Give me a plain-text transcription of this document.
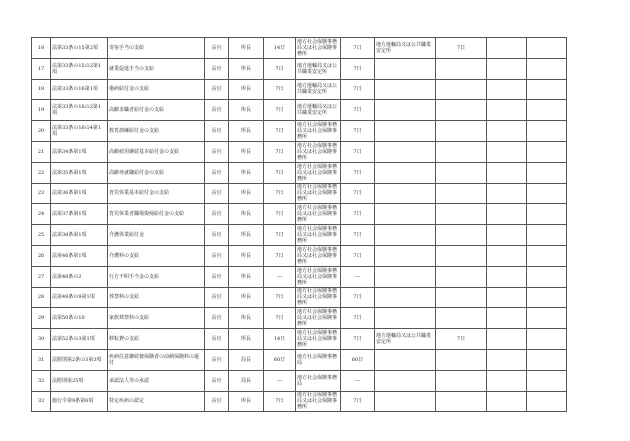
18	法第33条の15第2項	寄宿手当の支給	長官	所長	14日	地方社会保険事務局又は社会保険事務所	7日	地方運輸局又は公共職業安定所	7日		
17	法第33条の15の2第1項	就業促進手当の支給	長官	所長	7日	地方運輸局又は公共職業安定所	7日				
18	法第33条の16第1項	傷病給付金の支給	長官	所長	7日	地方運輸局又は公共職業安定所	7日				
19	法第33条の16の2第1項	高齢求職者給付金の支給	長官	所長	7日	地方運輸局又は公共職業安定所	7日				
20	法第33条の16の4第1項	教育訓練給付金の支給	長官	所長	7日	地方社会保険事務局又は社会保険事務所	7日				
21	法第34条第1項	高齢雇用継続基本給付金の支給	長官	所長	7日	地方社会保険事務局又は社会保険事務所	7日				
22	法第35条第1項	高齢再就職給付金の支給	長官	所長	7日	地方社会保険事務局又は社会保険事務所	7日				
23	法第36条第1項	育児休業基本給付金の支給	長官	所長	7日	地方社会保険事務局又は社会保険事務所	7日				
24	法第37条第1項	育児休業者職場復帰給付金の支給	長官	所長	7日	地方社会保険事務局又は社会保険事務所	7日				
25	法第38条第1項	介護休業給付金	長官	所長	7日	地方社会保険事務局又は社会保険事務所	7日				
26	法第46条第1項	介護料の支給	長官	所長	7日	地方社会保険事務局又は社会保険事務所	7日				
27	法第48条の2	行方不明手当金の支給	長官	所長	—	地方社会保険事務局又は社会保険事務所	—				
28	法第49条の9第1項	葬祭料の支給	長官	所長	7日	地方社会保険事務局又は社会保険事務所	7日				
29	法第50条の10	家族葬祭料の支給	長官	所長	7日	地方社会保険事務局又は社会保険事務所	7日				
30	法第52条の3第1項	移転費の支給	長官	所長	14日	地方社会保険事務局又は社会保険事務所	7日	地方運輸局又は公共職業安定所	7日		
31	法附則第2条の3第3項	疾病任意継続被保険者の前納保険料の還付	長官	局長	60日	地方社会保険事務局	60日				
32	法附則第25項	承認法人等の承認	長官	局長	—	地方社会保険事務局	—				
33	施行令第9条第6項	特定疾病の認定	長官	所長	7日	地方社会保険事務局又は社会保険事務所	7日				
